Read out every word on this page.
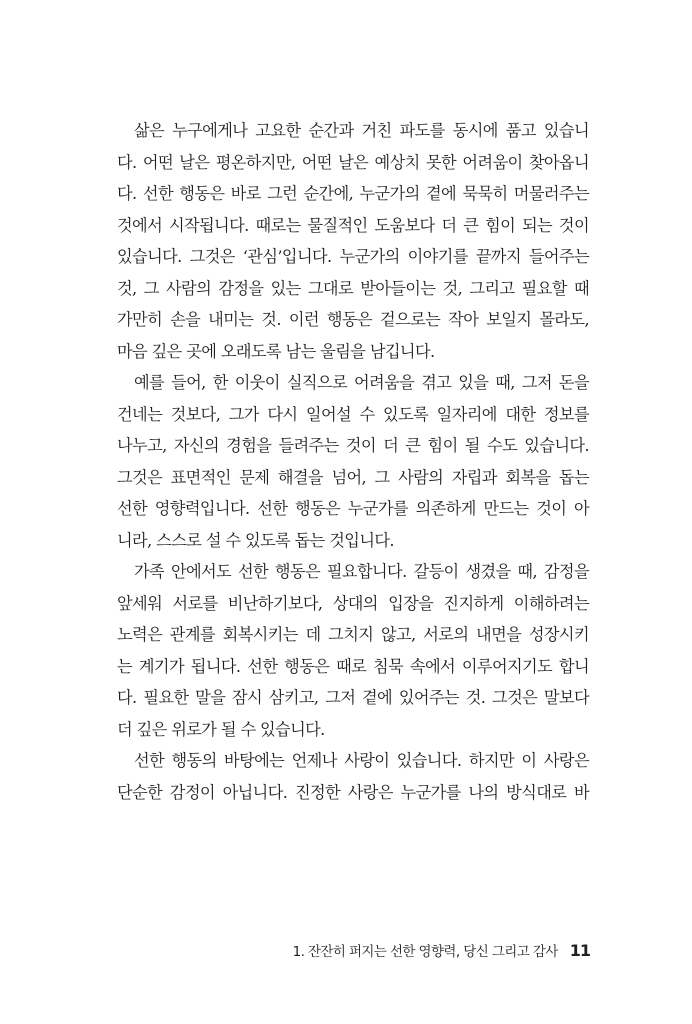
삶은 누구에게나 고요한 순간과 거친 파도를 동시에 품고 있습니
다. 어떤 날은 평온하지만, 어떤 날은 예상치 못한 어려움이 찾아옵니
다. 선한 행동은 바로 그런 순간에, 누군가의 곁에 묵묵히 머물러주는
것에서 시작됩니다. 때로는 물질적인 도움보다 더 큰 힘이 되는 것이
있습니다. 그것은 ‘관심’입니다. 누군가의 이야기를 끝까지 들어주는
것, 그 사람의 감정을 있는 그대로 받아들이는 것, 그리고 필요할 때
가만히 손을 내미는 것. 이런 행동은 겉으로는 작아 보일지 몰라도,
마음 깊은 곳에 오래도록 남는 울림을 남깁니다.
예를 들어, 한 이웃이 실직으로 어려움을 겪고 있을 때, 그저 돈을
건네는 것보다, 그가 다시 일어설 수 있도록 일자리에 대한 정보를
나누고, 자신의 경험을 들려주는 것이 더 큰 힘이 될 수도 있습니다.
그것은 표면적인 문제 해결을 넘어, 그 사람의 자립과 회복을 돕는
선한 영향력입니다. 선한 행동은 누군가를 의존하게 만드는 것이 아
니라, 스스로 설 수 있도록 돕는 것입니다.
가족 안에서도 선한 행동은 필요합니다. 갈등이 생겼을 때, 감정을
앞세워 서로를 비난하기보다, 상대의 입장을 진지하게 이해하려는
노력은 관계를 회복시키는 데 그치지 않고, 서로의 내면을 성장시키
는 계기가 됩니다. 선한 행동은 때로 침묵 속에서 이루어지기도 합니
다. 필요한 말을 잠시 삼키고, 그저 곁에 있어주는 것. 그것은 말보다
더 깊은 위로가 될 수 있습니다.
선한 행동의 바탕에는 언제나 사랑이 있습니다. 하지만 이 사랑은
단순한 감정이 아닙니다. 진정한 사랑은 누군가를 나의 방식대로 바
1. 잔잔히 퍼지는 선한 영향력, 당신 그리고 감사 11
